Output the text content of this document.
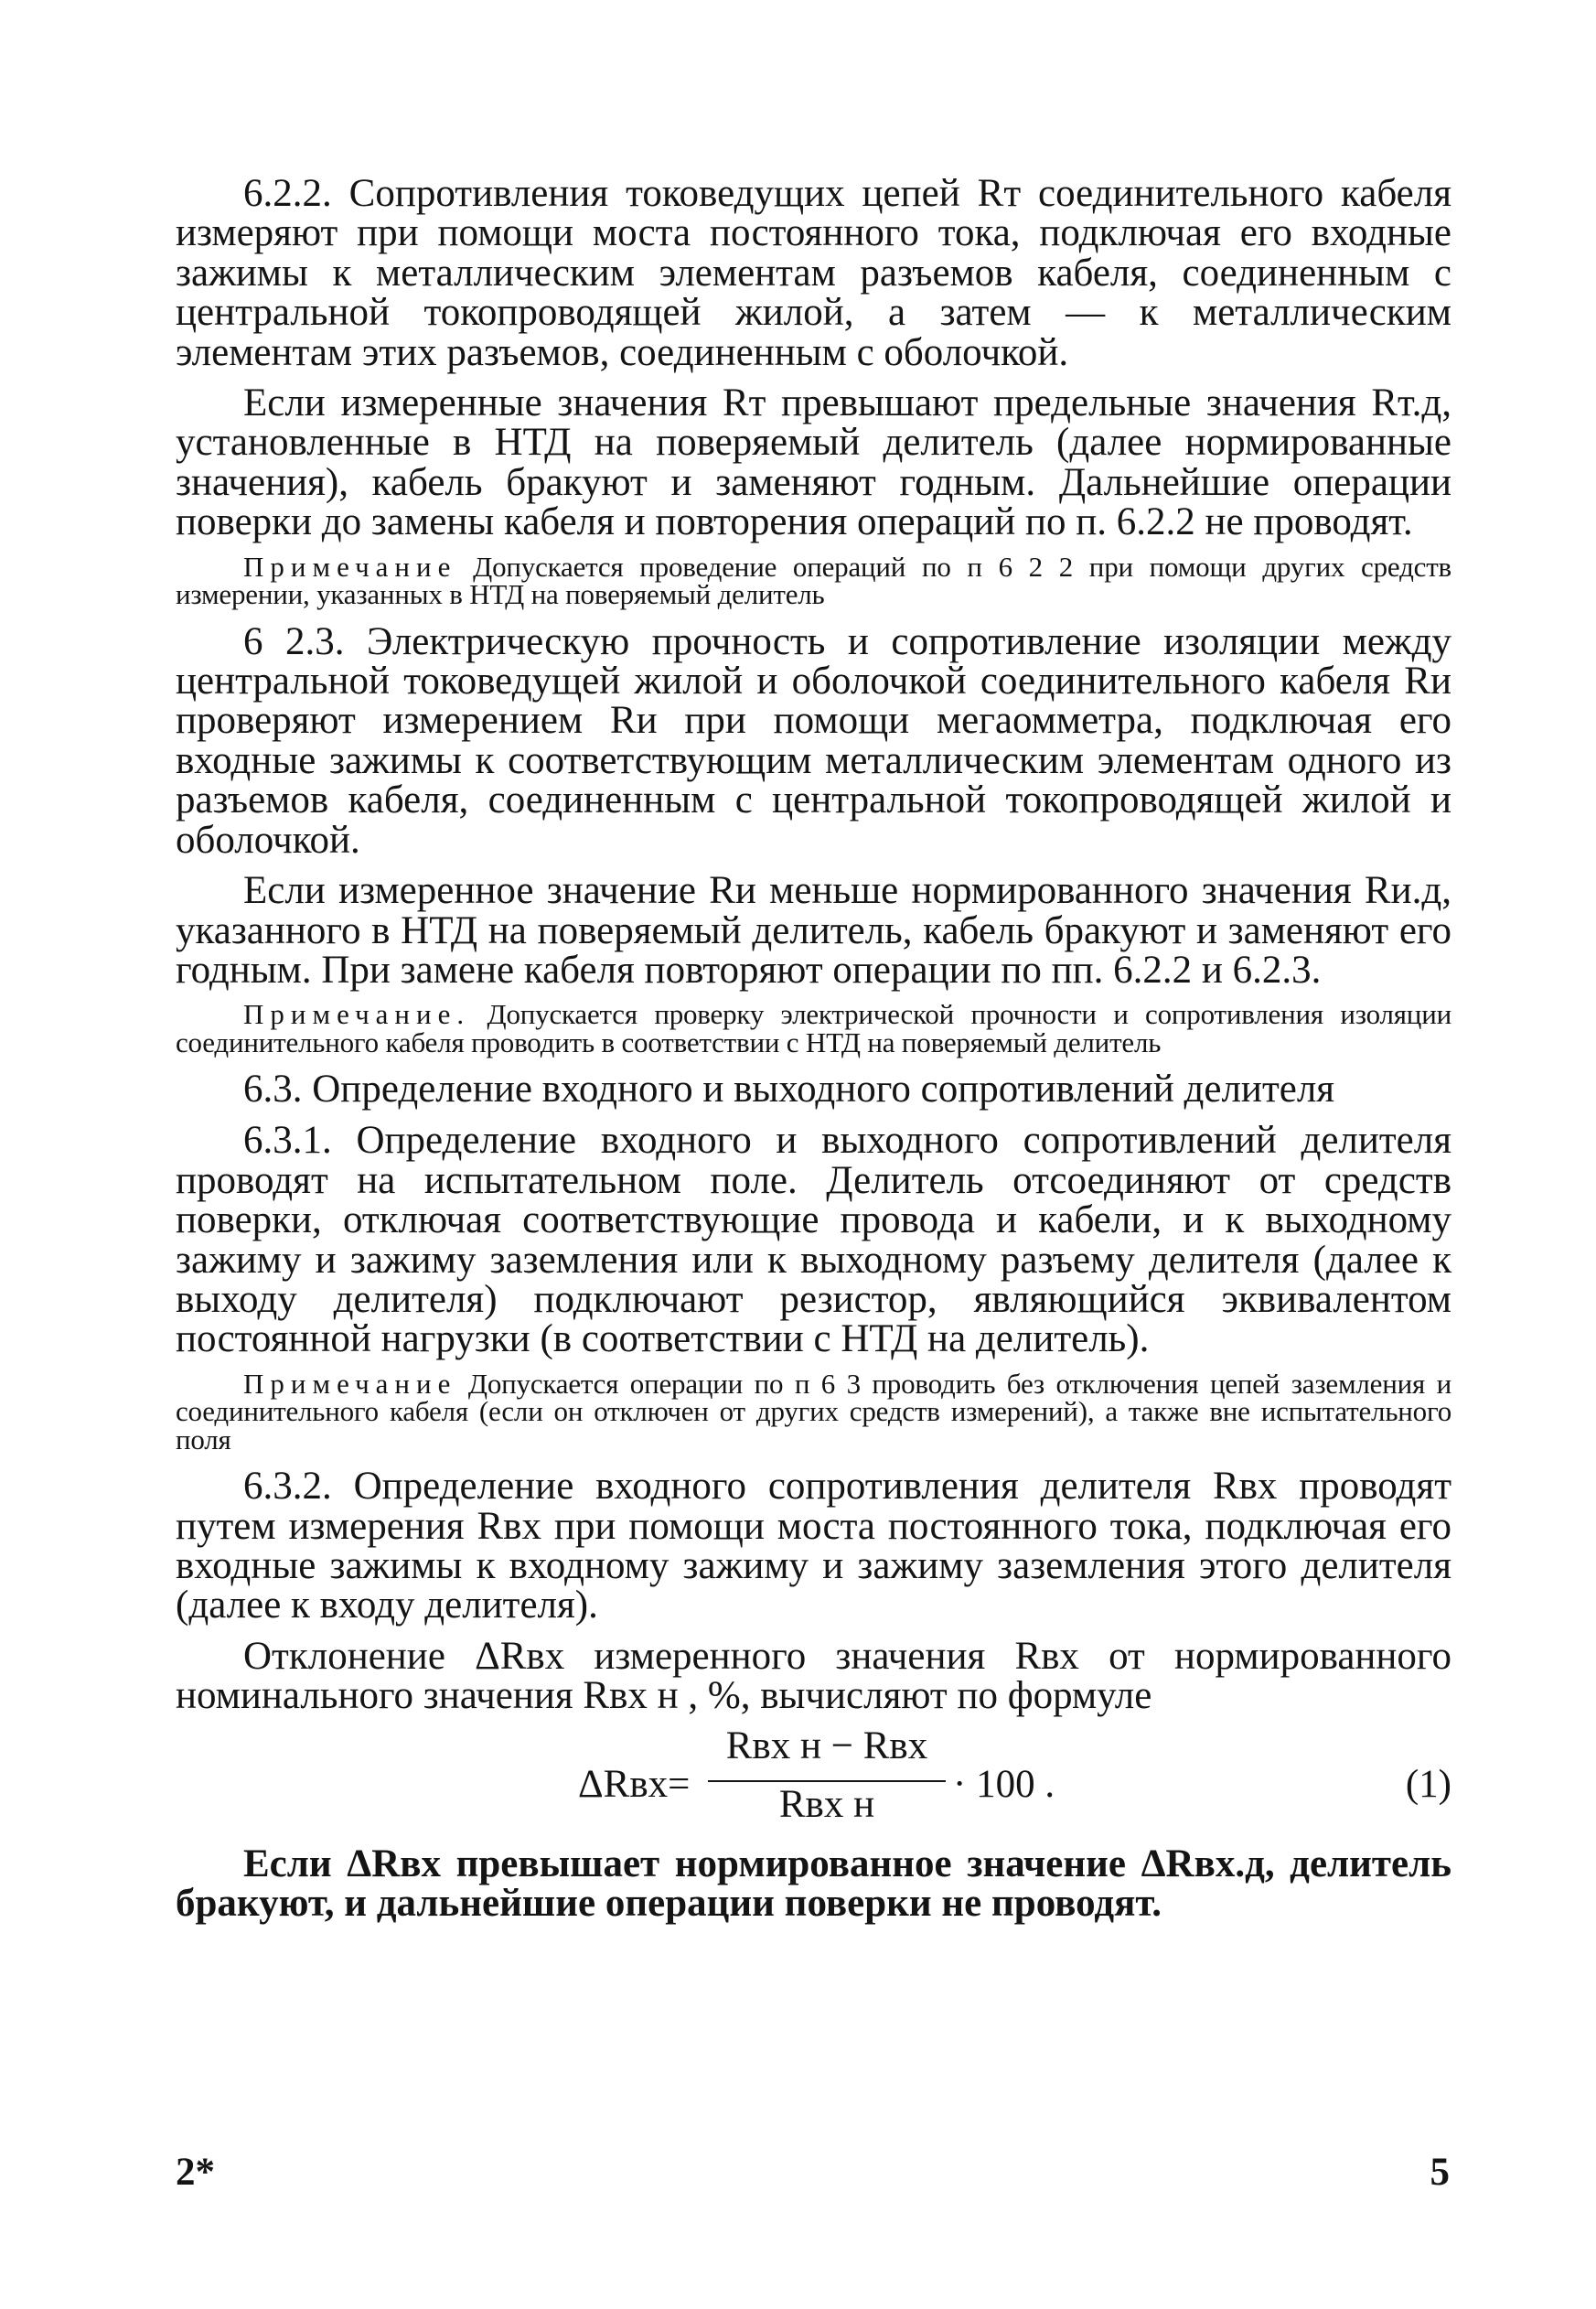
6.2.2. Сопротивления токоведущих цепей Rт соединительного кабеля измеряют при помощи моста постоянного тока, подключая его входные зажимы к металлическим элементам разъемов кабеля, соединенным с центральной токопроводящей жилой, а затем — к металлическим элементам этих разъемов, соединенным с оболочкой.

Если измеренные значения Rт превышают предельные значения Rт.д, установленные в НТД на поверяемый делитель (далее нормированные значения), кабель бракуют и заменяют годным. Дальнейшие операции поверки до замены кабеля и повторения операций по п. 6.2.2 не проводят.

Примечание Допускается проведение операций по п 6 2 2 при помощи других средств измерении, указанных в НТД на поверяемый делитель

6 2.3. Электрическую прочность и сопротивление изоляции между центральной токоведущей жилой и оболочкой соединительного кабеля Rи проверяют измерением Rи при помощи мегаомметра, подключая его входные зажимы к соответствующим металлическим элементам одного из разъемов кабеля, соединенным с центральной токопроводящей жилой и оболочкой.

Если измеренное значение Rи меньше нормированного значения Rи.д, указанного в НТД на поверяемый делитель, кабель бракуют и заменяют его годным. При замене кабеля повторяют операции по пп. 6.2.2 и 6.2.3.

Примечание. Допускается проверку электрической прочности и сопротивления изоляции соединительного кабеля проводить в соответствии с НТД на поверяемый делитель

6.3. Определение входного и выходного сопротивлений делителя

6.3.1. Определение входного и выходного сопротивлений делителя проводят на испытательном поле. Делитель отсоединяют от средств поверки, отключая соответствующие провода и кабели, и к выходному зажиму и зажиму заземления или к выходному разъему делителя (далее к выходу делителя) подключают резистор, являющийся эквивалентом постоянной нагрузки (в соответствии с НТД на делитель).

Примечание Допускается операции по п 6 3 проводить без отключения цепей заземления и соединительного кабеля (если он отключен от других средств измерений), а также вне испытательного поля

6.3.2. Определение входного сопротивления делителя Rвх проводят путем измерения Rвх при помощи моста постоянного тока, подключая его входные зажимы к входному зажиму и зажиму заземления этого делителя (далее к входу делителя).

Отклонение ΔRвх измеренного значения Rвх от нормированного номинального значения Rвх н , %, вычисляют по формуле

ΔRвх=
Rвх н − Rвх
Rвх н	· 100 .	(1)

Если ΔRвх превышает нормированное значение ΔRвх.д, делитель бракуют, и дальнейшие операции поверки не проводят.

2*	5
